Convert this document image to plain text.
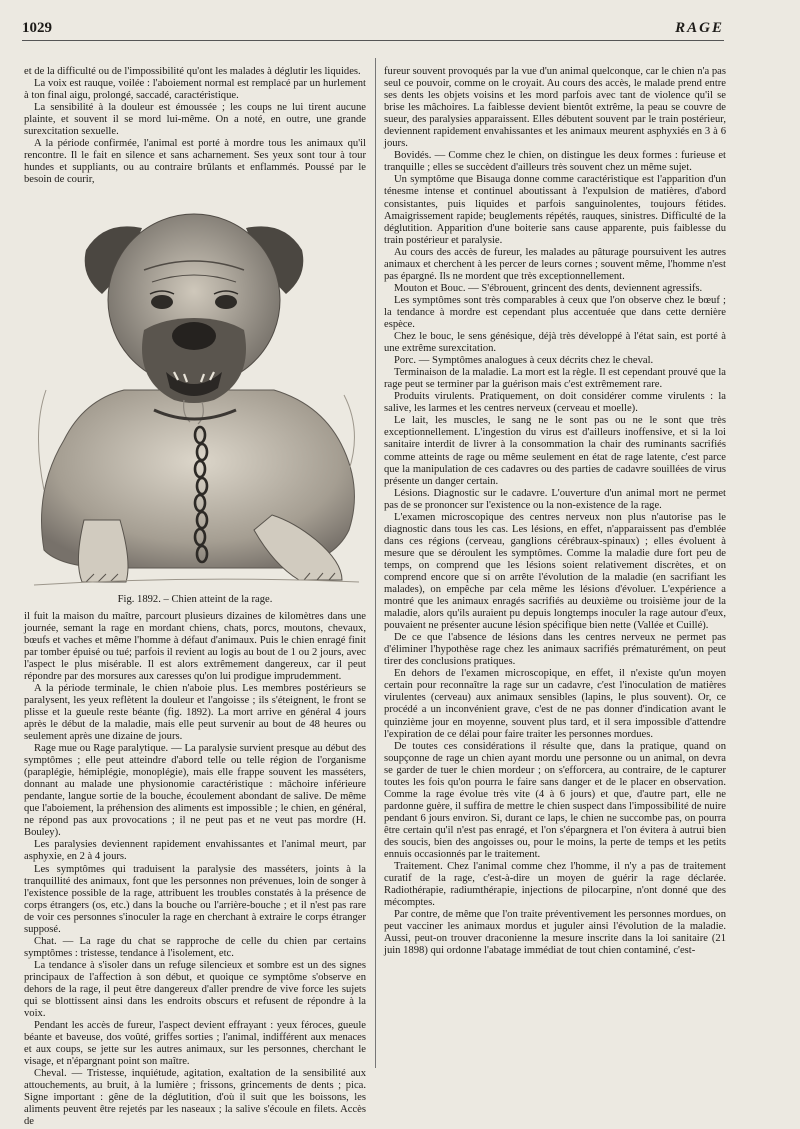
1029	RAGE

et de la difficulté ou de l'impossibilité qu'ont les malades à déglutir les liquides.

La voix est rauque, voilée : l'aboiement normal est remplacé par un hurlement à ton final aigu, prolongé, saccadé, caractéristique.

La sensibilité à la douleur est émoussée ; les coups ne lui tirent aucune plainte, et souvent il se mord lui-même. On a noté, en outre, une grande surexcitation sexuelle.

A la période confirmée, l'animal est porté à mordre tous les animaux qu'il rencontre. Il le fait en silence et sans acharnement. Ses yeux sont tour à tour hundes et suppliants, ou au contraire brûlants et enflammés. Poussé par le besoin de courir,

Fig. 1892. – Chien atteint de la rage.

il fuit la maison du maître, parcourt plusieurs dizaines de kilomètres dans une journée, semant la rage en mordant chiens, chats, porcs, moutons, chevaux, bœufs et vaches et même l'homme à défaut d'animaux. Puis le chien enragé finit par tomber épuisé ou tué; parfois il revient au logis au bout de 1 ou 2 jours, avec l'aspect le plus misérable. Il est alors extrêmement dangereux, car il peut répondre par des morsures aux caresses qu'on lui prodigue imprudemment.

A la période terminale, le chien n'aboie plus. Les membres postérieurs se paralysent, les yeux reflètent la douleur et l'angoisse ; ils s'éteignent, le front se plisse et la gueule reste béante (fig. 1892). La mort arrive en général 4 jours après le début de la maladie, mais elle peut survenir au bout de 48 heures ou seulement après une dizaine de jours.

Rage mue ou Rage paralytique. — La paralysie survient presque au début des symptômes ; elle peut atteindre d'abord telle ou telle région de l'organisme (paraplégie, hémiplégie, monoplégie), mais elle frappe souvent les masséters, donnant au malade une physionomie caractéristique : mâchoire inférieure pendante, langue sortie de la bouche, écoulement abondant de salive. De même que l'aboiement, la préhension des aliments est impossible ; le chien, en général, ne répond pas aux provocations ; il ne peut pas et ne veut pas mordre (H. Bouley).

Les paralysies deviennent rapidement envahissantes et l'animal meurt, par asphyxie, en 2 à 4 jours.

Les symptômes qui traduisent la paralysie des masséters, joints à la tranquillité des animaux, font que les personnes non prévenues, loin de songer à l'existence possible de la rage, attribuent les troubles constatés à la présence de corps étrangers (os, etc.) dans la bouche ou l'arrière-bouche ; et il n'est pas rare de voir ces personnes s'inoculer la rage en cherchant à extraire le corps étranger supposé.

Chat. — La rage du chat se rapproche de celle du chien par certains symptômes : tristesse, tendance à l'isolement, etc.

La tendance à s'isoler dans un refuge silencieux et sombre est un des signes principaux de l'affection à son début, et quoique ce symptôme s'observe en dehors de la rage, il peut être dangereux d'aller prendre de vive force les sujets qui se blottissent ainsi dans les endroits obscurs et refusent de répondre à la voix.

Pendant les accès de fureur, l'aspect devient effrayant : yeux féroces, gueule béante et baveuse, dos voûté, griffes sorties ; l'animal, indifférent aux menaces et aux coups, se jette sur les autres animaux, sur les personnes, cherchant le visage, et n'épargnant point son maître.

Cheval. — Tristesse, inquiétude, agitation, exaltation de la sensibilité aux attouchements, au bruit, à la lumière ; frissons, grincements de dents ; pica. Signe important : gêne de la déglutition, d'où il suit que les boissons, les aliments peuvent être rejetés par les naseaux ; la salive s'écoule en filets. Accès de

fureur souvent provoqués par la vue d'un animal quelconque, car le chien n'a pas seul ce pouvoir, comme on le croyait. Au cours des accès, le malade prend entre ses dents les objets voisins et les mord parfois avec tant de violence qu'il se brise les mâchoires. La faiblesse devient bientôt extrême, la peau se couvre de sueur, des paralysies apparaissent. Elles débutent souvent par le train postérieur, deviennent rapidement envahissantes et les animaux meurent asphyxiés en 3 à 6 jours.

Bovidés. — Comme chez le chien, on distingue les deux formes : furieuse et tranquille ; elles se succèdent d'ailleurs très souvent chez un même sujet.

Un symptôme que Bisauga donne comme caractéristique est l'apparition d'un ténesme intense et continuel aboutissant à l'expulsion de matières, d'abord consistantes, puis liquides et parfois sanguinolentes, toujours fétides. Amaigrissement rapide; beuglements répétés, rauques, sinistres. Difficulté de la déglutition. Apparition d'une boiterie sans cause apparente, puis faiblesse du train postérieur et paralysie.

Au cours des accès de fureur, les malades au pâturage poursuivent les autres animaux et cherchent à les percer de leurs cornes ; souvent même, l'homme n'est pas épargné. Ils ne mordent que très exceptionnellement.

Mouton et Bouc. — S'ébrouent, grincent des dents, deviennent agressifs.

Les symptômes sont très comparables à ceux que l'on observe chez le bœuf ; la tendance à mordre est cependant plus accentuée que dans cette dernière espèce.

Chez le bouc, le sens génésique, déjà très développé à l'état sain, est porté à une extrême surexcitation.

Porc. — Symptômes analogues à ceux décrits chez le cheval.

Terminaison de la maladie. La mort est la règle. Il est cependant prouvé que la rage peut se terminer par la guérison mais c'est extrêmement rare.

Produits virulents. Pratiquement, on doit considérer comme virulents : la salive, les larmes et les centres nerveux (cerveau et moelle).

Le lait, les muscles, le sang ne le sont pas ou ne le sont que très exceptionnellement. L'ingestion du virus est d'ailleurs inoffensive, et si la loi sanitaire interdit de livrer à la consommation la chair des ruminants sacrifiés comme atteints de rage ou même seulement en état de rage latente, c'est parce que la manipulation de ces cadavres ou des parties de cadavre souillées de virus présente un danger certain.

Lésions. Diagnostic sur le cadavre. L'ouverture d'un animal mort ne permet pas de se prononcer sur l'existence ou la non-existence de la rage.

L'examen microscopique des centres nerveux non plus n'autorise pas le diagnostic dans tous les cas. Les lésions, en effet, n'apparaissent pas d'emblée dans ces régions (cerveau, ganglions cérébraux-spinaux) ; elles évoluent à mesure que se déroulent les symptômes. Comme la maladie dure fort peu de temps, on comprend que les lésions soient relativement discrètes, et on comprend encore que si on arrête l'évolution de la maladie (en sacrifiant les malades), on empêche par cela même les lésions d'évoluer. L'expérience a montré que les animaux enragés sacrifiés au deuxième ou troisième jour de la maladie, alors qu'ils auraient pu depuis longtemps inoculer la rage autour d'eux, pouvaient ne présenter aucune lésion spécifique bien nette (Vallée et Cuillé).

De ce que l'absence de lésions dans les centres nerveux ne permet pas d'éliminer l'hypothèse rage chez les animaux sacrifiés prématurément, on peut tirer des conclusions pratiques.

En dehors de l'examen microscopique, en effet, il n'existe qu'un moyen certain pour reconnaître la rage sur un cadavre, c'est l'inoculation de matières virulentes (cerveau) aux animaux sensibles (lapins, le plus souvent). Or, ce procédé a un inconvénient grave, c'est de ne pas donner d'indication avant le quinzième jour en moyenne, souvent plus tard, et il sera impossible d'attendre l'expiration de ce délai pour faire traiter les personnes mordues.

De toutes ces considérations il résulte que, dans la pratique, quand on soupçonne de rage un chien ayant mordu une personne ou un animal, on devra se garder de tuer le chien mordeur ; on s'efforcera, au contraire, de le capturer toutes les fois qu'on pourra le faire sans danger et de le placer en observation. Comme la rage évolue très vite (4 à 6 jours) et que, d'autre part, elle ne pardonne guère, il suffira de mettre le chien suspect dans l'impossibilité de nuire pendant 6 jours environ. Si, durant ce laps, le chien ne succombe pas, on pourra être certain qu'il n'est pas enragé, et l'on s'épargnera et l'on évitera à autrui bien des soucis, bien des angoisses ou, pour le moins, la perte de temps et les petits ennuis occasionnés par le traitement.

Traitement. Chez l'animal comme chez l'homme, il n'y a pas de traitement curatif de la rage, c'est-à-dire un moyen de guérir la rage déclarée. Radiothérapie, radiumthérapie, injections de pilocarpine, n'ont donné que des mécomptes.

Par contre, de même que l'on traite préventivement les personnes mordues, on peut vacciner les animaux mordus et juguler ainsi l'évolution de la maladie. Aussi, peut-on trouver draconienne la mesure inscrite dans la loi sanitaire (21 juin 1898) qui ordonne l'abatage immédiat de tout chien contaminé, c'est-
